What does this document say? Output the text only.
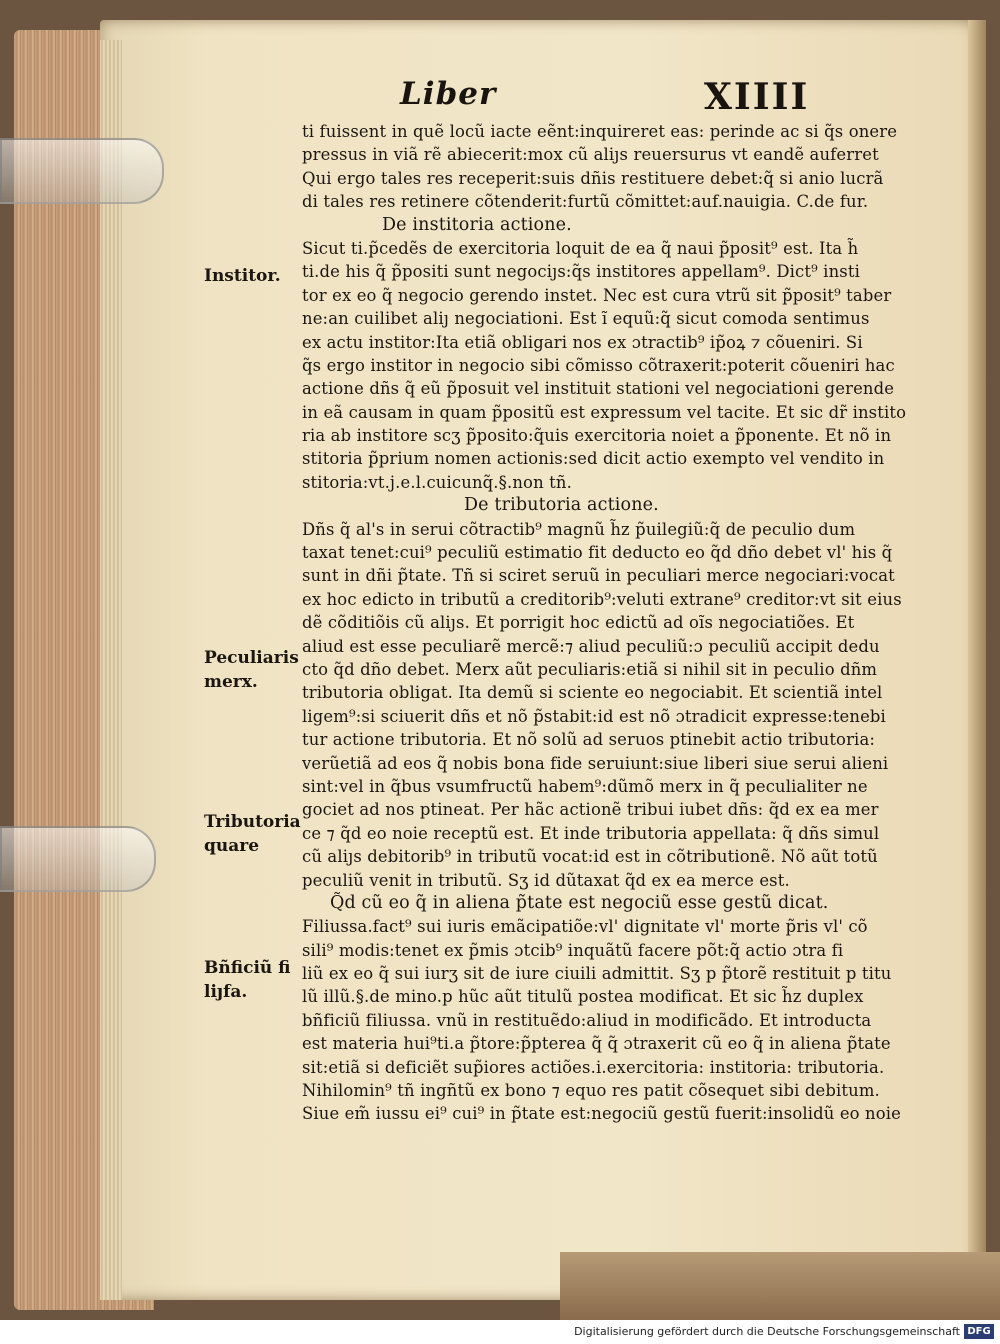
Liber	XIIII
ti fuissent in quẽ locũ iacte eẽnt:inquireret eas: perinde ac si q̃s onere
pressus in viã rẽ abiecerit:mox cũ aliȷs reuersurus vt eandẽ auferret
Qui ergo tales res receperit:suis dñis restituere debet:q̃ si anio lucrã
di tales res retinere cõtenderit:furtũ cõmittet:auf.nauigia. C.de fur.
De institoria actione.
Sicut ti.p̃cedẽs de exercitoria loquit de ea q̃ naui p̃posit⁹ est. Ita h̃
ti.de his q̃ p̃positi sunt negociȷs:q̃s institores appellam⁹. Dict⁹ insti
tor ex eo q̃ negocio gerendo instet. Nec est cura vtrũ sit p̃posit⁹ taber
ne:an cuilibet aliȷ negociationi. Est ĩ equũ:q̃ sicut comoda sentimus
ex actu institor:Ita etiã obligari nos ex ɔtractib⁹ ip̃oꝝ ⁊ cõueniri. Si
q̃s ergo institor in negocio sibi cõmisso cõtraxerit:poterit cõueniri hac
actione dñs q̃ eũ p̃posuit vel instituit stationi vel negociationi gerende
in eã causam in quam p̃positũ est expressum vel tacite. Et sic dr̃ instito
ria ab institore scʒ p̃posito:q̃uis exercitoria noiet a p̃ponente. Et nõ in
stitoria p̃prium nomen actionis:sed dicit actio exempto vel vendito in
stitoria:vt.j.e.l.cuicunq̃.§.non tñ.
De tributoria actione.
Dñs q̃ al's in serui cõtractib⁹ magnũ h̃z p̃uilegiũ:q̃ de peculio dum
taxat tenet:cui⁹ peculiũ estimatio fit deducto eo q̃d dño debet vl' his q̃
sunt in dñi p̃tate. Tñ si sciret seruũ in peculiari merce negociari:vocat
ex hoc edicto in tributũ a creditorib⁹:veluti extrane⁹ creditor:vt sit eius
dẽ cõditiõis cũ aliȷs. Et porrigit hoc edictũ ad oĩs negociatiões. Et
aliud est esse peculiarẽ mercẽ:⁊ aliud peculiũ:ɔ peculiũ accipit dedu
cto q̃d dño debet. Merx aũt peculiaris:etiã si nihil sit in peculio dñm
tributoria obligat. Ita demũ si sciente eo negociabit. Et scientiã intel
ligem⁹:si sciuerit dñs et nõ p̃stabit:id est nõ ɔtradicit expresse:tenebi
tur actione tributoria. Et nõ solũ ad seruos ptinebit actio tributoria:
verũetiã ad eos q̃ nobis bona fide seruiunt:siue liberi siue serui alieni
sint:vel in q̃bus vsumfructũ habem⁹:dũmõ merx in q̃ peculialiter ne
gociet ad nos ptineat. Per hãc actionẽ tribui iubet dñs: q̃d ex ea mer
ce ⁊ q̃d eo noie receptũ est. Et inde tributoria appellata: q̃ dñs simul
cũ aliȷs debitorib⁹ in tributũ vocat:id est in cõtributionẽ. Nõ aũt totũ
peculiũ venit in tributũ. Sʒ id dũtaxat q̃d ex ea merce est.
Q̃d cũ eo q̃ in aliena p̃tate est negociũ esse gestũ dicat.
Filiussa.fact⁹ sui iuris emãcipatiõe:vl' dignitate vl' morte p̃ris vl' cõ
sili⁹ modis:tenet ex p̃mis ɔtcib⁹ inquãtũ facere põt:q̃ actio ɔtra fi
liũ ex eo q̃ sui iurʒ sit de iure ciuili admittit. Sʒ p p̃torẽ restituit p titu
lũ illũ.§.de mino.p hũc aũt titulũ postea modificat. Et sic h̃z duplex
bñficiũ filiussa. vnũ in restituẽdo:aliud in modificãdo. Et introducta
est materia hui⁹ti.a p̃tore:p̃pterea q̃ q̃ ɔtraxerit cũ eo q̃ in aliena p̃tate
sit:etiã si deficiẽt sup̃iores actiões.i.exercitoria: institoria: tributoria.
Nihilomin⁹ tñ ingñtũ ex bono ⁊ equo res patit cõsequet sibi debitum.
Siue em̃ iussu ei⁹ cui⁹ in p̃tate est:negociũ gestũ fuerit:insolidũ eo noie
Institor.
Peculiaris
merx.
Tributoria
quare
Bñficiũ fi
liȷfa.
Digitalisierung gefördert durch die Deutsche Forschungsgemeinschaft DFG
